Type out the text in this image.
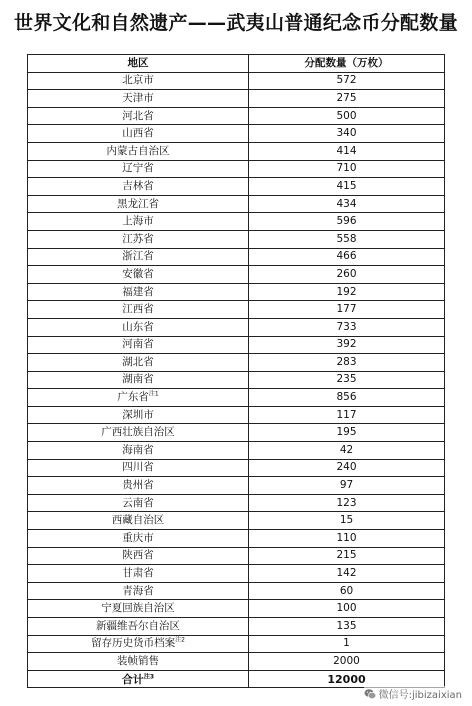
世界文化和自然遗产——武夷山普通纪念币分配数量
地区	分配数量（万枚）
北京市	572
天津市	275
河北省	500
山西省	340
内蒙古自治区	414
辽宁省	710
吉林省	415
黑龙江省	434
上海市	596
江苏省	558
浙江省	466
安徽省	260
福建省	192
江西省	177
山东省	733
河南省	392
湖北省	283
湖南省	235
广东省$^{注1}$	856
深圳市	117
广西壮族自治区	195
海南省	42
四川省	240
贵州省	97
云南省	123
西藏自治区	15
重庆市	110
陕西省	215
甘肃省	142
青海省	60
宁夏回族自治区	100
新疆维吾尔自治区	135
留存历史货币档案$^{注2}$	1
装帧销售	2000
合计$^{注3}$	12000
微信号:jibizaixian
